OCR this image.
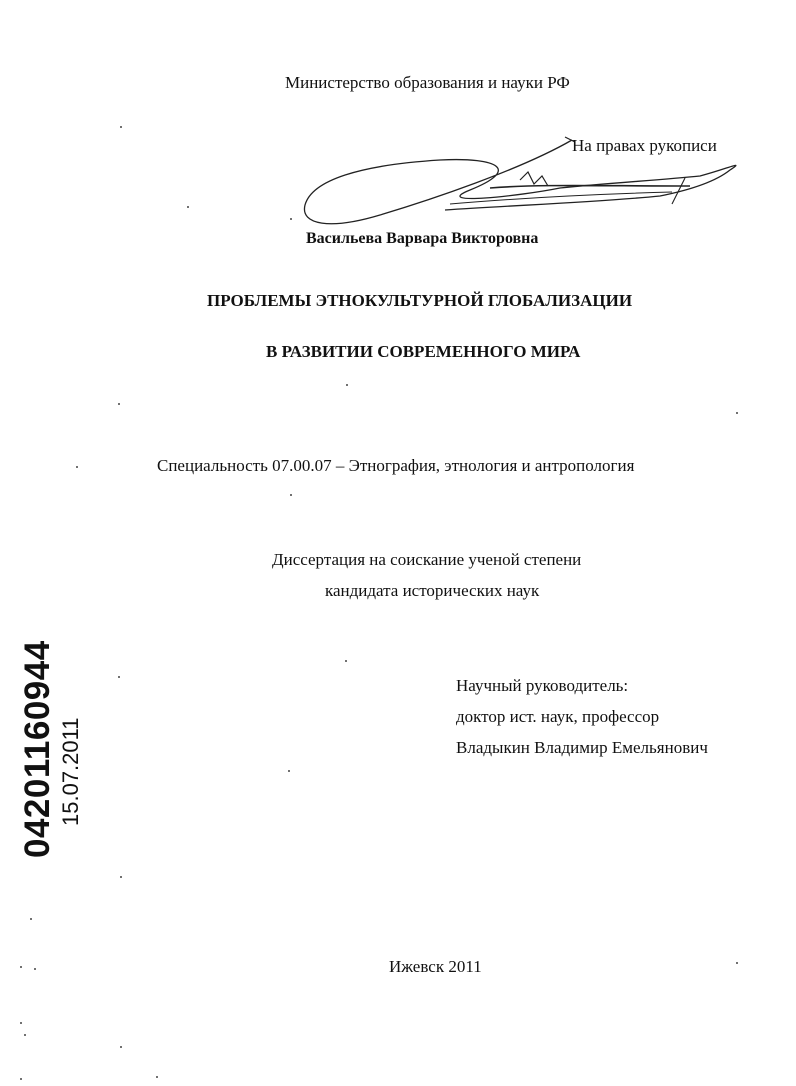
Министерство образования и науки РФ
На правах рукописи
Васильева Варвара Викторовна
ПРОБЛЕМЫ ЭТНОКУЛЬТУРНОЙ ГЛОБАЛИЗАЦИИ
В РАЗВИТИИ СОВРЕМЕННОГО МИРА
Специальность 07.00.07 – Этнография, этнология и антропология
Диссертация на соискание ученой степени
кандидата исторических наук
Научный руководитель:
доктор ист. наук, профессор
Владыкин Владимир Емельянович
Ижевск 2011
04201160944 15.07.2011
